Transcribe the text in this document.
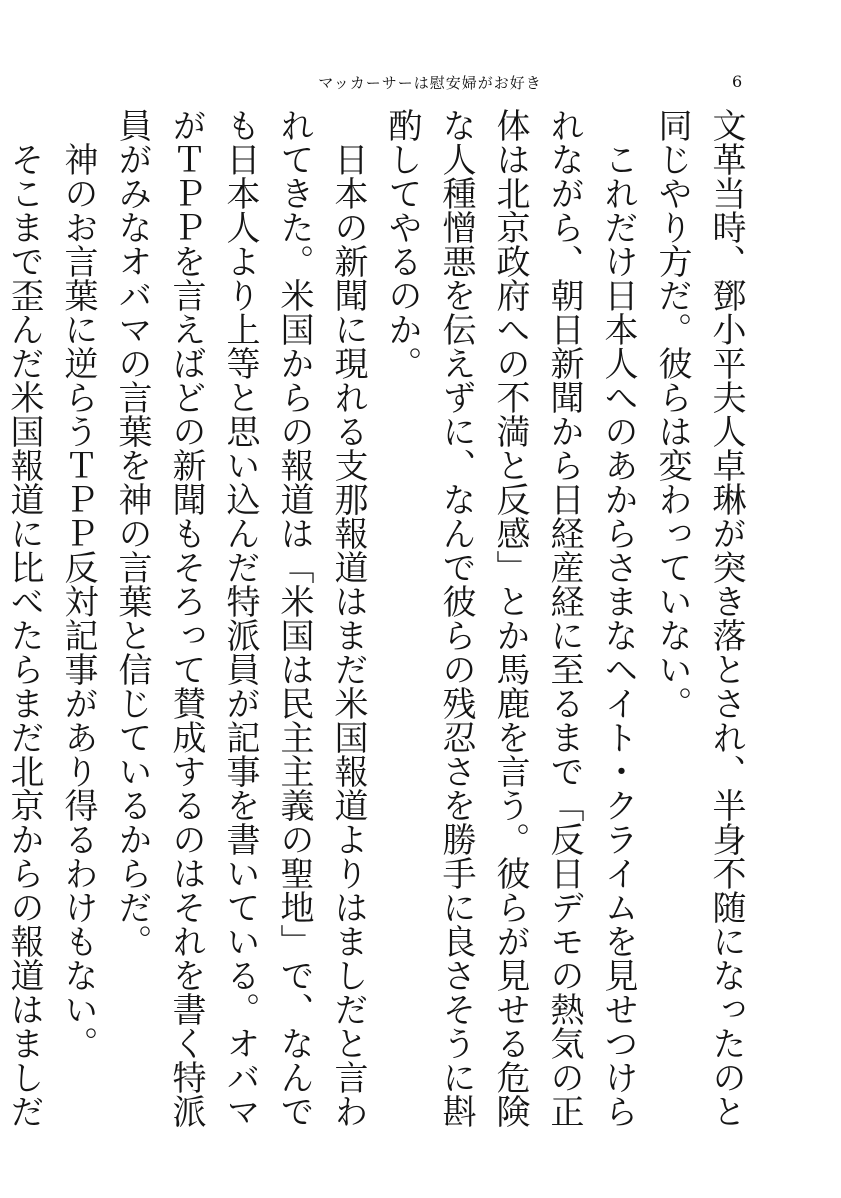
マッカーサーは慰安婦がお好き	6

文革当時、鄧小平夫人卓琳が突き落とされ、半身不随になったのと同じやり方だ。彼らは変わっていない。

これだけ日本人へのあからさまなヘイト・クライムを見せつけられながら、朝日新聞から日経産経に至るまで「反日デモの熱気の正体は北京政府への不満と反感」とか馬鹿を言う。彼らが見せる危険な人種憎悪を伝えずに、なんで彼らの残忍さを勝手に良さそうに斟酌してやるのか。

日本の新聞に現れる支那報道はまだ米国報道よりはましだと言われてきた。米国からの報道は「米国は民主主義の聖地」で、なんでも日本人より上等と思い込んだ特派員が記事を書いている。オバマがＴＰＰを言えばどの新聞もそろって賛成するのはそれを書く特派員がみなオバマの言葉を神の言葉と信じているからだ。

神のお言葉に逆らうＴＰＰ反対記事があり得るわけもない。

そこまで歪んだ米国報道に比べたらまだ北京からの報道はましだ
